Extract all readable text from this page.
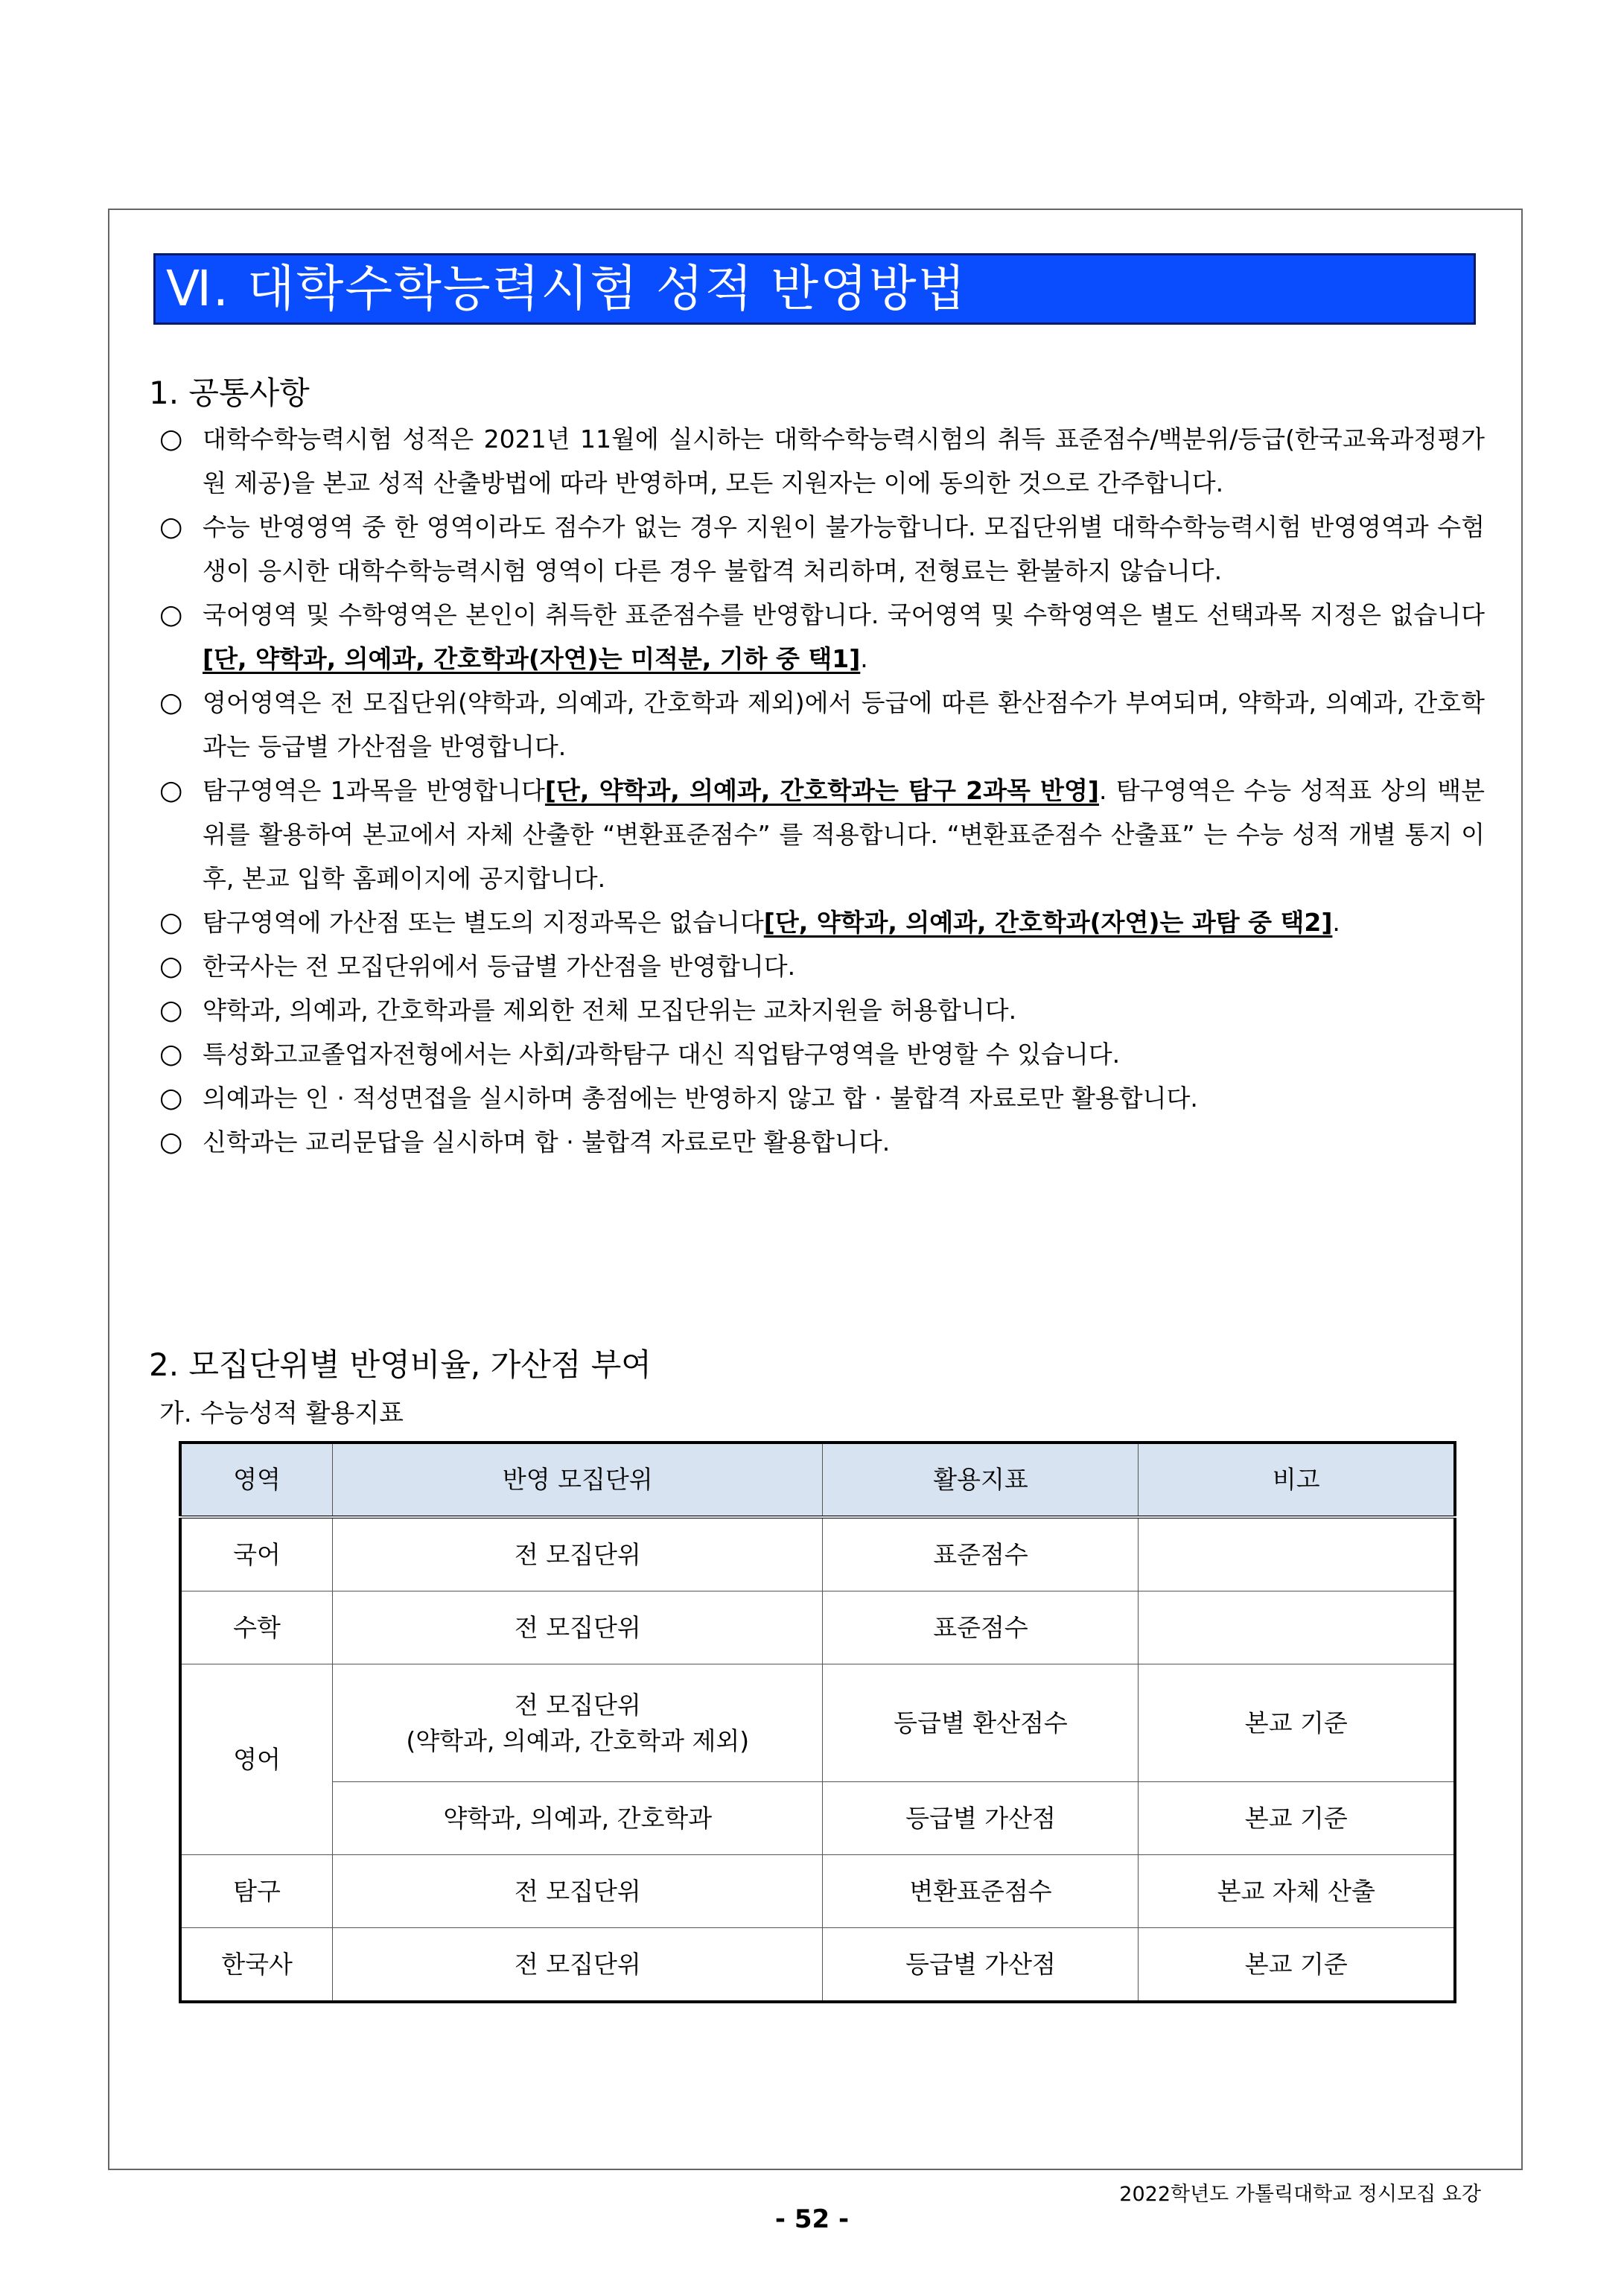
Ⅵ. 대학수학능력시험 성적 반영방법
1. 공통사항
○ 대학수학능력시험 성적은 2021년 11월에 실시하는 대학수학능력시험의 취득 표준점수/백분위/등급(한국교육과정평가원 제공)을 본교 성적 산출방법에 따라 반영하며, 모든 지원자는 이에 동의한 것으로 간주합니다.
○ 수능 반영영역 중 한 영역이라도 점수가 없는 경우 지원이 불가능합니다. 모집단위별 대학수학능력시험 반영영역과 수험생이 응시한 대학수학능력시험 영역이 다른 경우 불합격 처리하며, 전형료는 환불하지 않습니다.
○ 국어영역 및 수학영역은 본인이 취득한 표준점수를 반영합니다. 국어영역 및 수학영역은 별도 선택과목 지정은 없습니다[단, 약학과, 의예과, 간호학과(자연)는 미적분, 기하 중 택1].
○ 영어영역은 전 모집단위(약학과, 의예과, 간호학과 제외)에서 등급에 따른 환산점수가 부여되며, 약학과, 의예과, 간호학과는 등급별 가산점을 반영합니다.
○ 탐구영역은 1과목을 반영합니다[단, 약학과, 의예과, 간호학과는 탐구 2과목 반영]. 탐구영역은 수능 성적표 상의 백분위를 활용하여 본교에서 자체 산출한 “변환표준점수” 를 적용합니다. “변환표준점수 산출표” 는 수능 성적 개별 통지 이후, 본교 입학 홈페이지에 공지합니다.
○ 탐구영역에 가산점 또는 별도의 지정과목은 없습니다[단, 약학과, 의예과, 간호학과(자연)는 과탐 중 택2].
○ 한국사는 전 모집단위에서 등급별 가산점을 반영합니다.
○ 약학과, 의예과, 간호학과를 제외한 전체 모집단위는 교차지원을 허용합니다.
○ 특성화고교졸업자전형에서는 사회/과학탐구 대신 직업탐구영역을 반영할 수 있습니다.
○ 의예과는 인 · 적성면접을 실시하며 총점에는 반영하지 않고 합 · 불합격 자료로만 활용합니다.
○ 신학과는 교리문답을 실시하며 합 · 불합격 자료로만 활용합니다.
2. 모집단위별 반영비율, 가산점 부여
가. 수능성적 활용지표
영역	반영 모집단위	활용지표	비고
국어	전 모집단위	표준점수	
수학	전 모집단위	표준점수	
영어	전 모집단위
(약학과, 의예과, 간호학과 제외)	등급별 환산점수	본교 기준
	약학과, 의예과, 간호학과	등급별 가산점	본교 기준
탐구	전 모집단위	변환표준점수	본교 자체 산출
한국사	전 모집단위	등급별 가산점	본교 기준
2022학년도 가톨릭대학교 정시모집 요강
- 52 -
